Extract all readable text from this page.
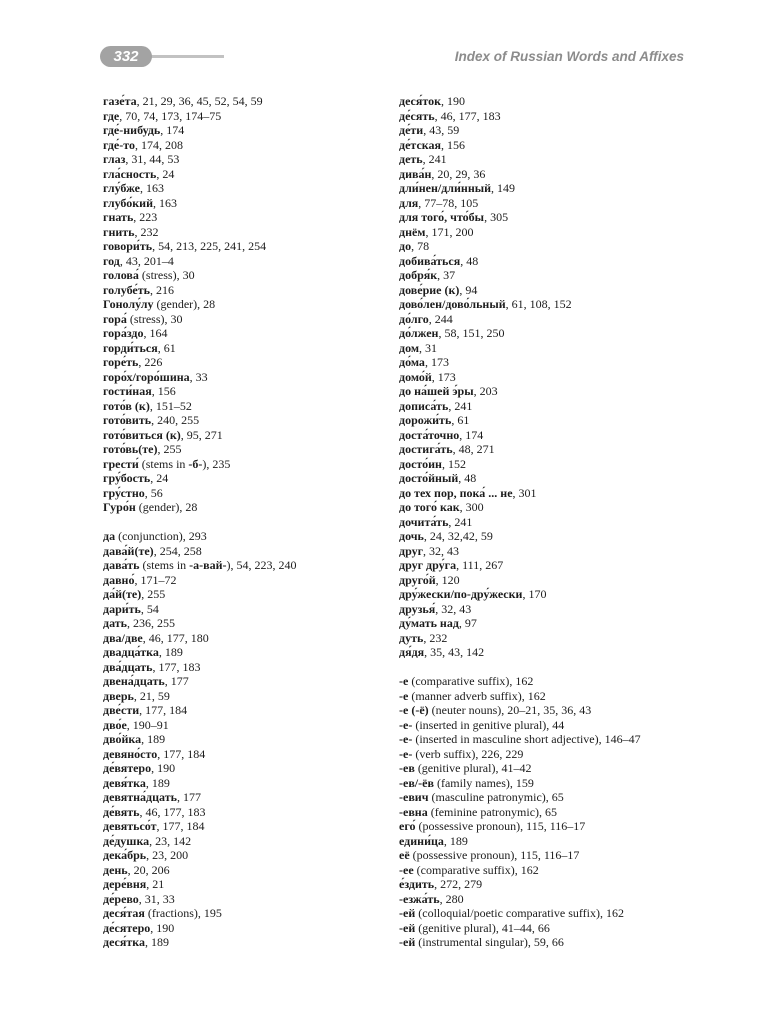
332	Index of Russian Words and Affixes
газе́та, 21, 29, 36, 45, 52, 54, 59
где, 70, 74, 173, 174–75
где́-нибудь, 174
где́-то, 174, 208
глаз, 31, 44, 53
гла́сность, 24
глу́бже, 163
глубо́кий, 163
гнать, 223
гнить, 232
говори́ть, 54, 213, 225, 241, 254
год, 43, 201–4
голова́ (stress), 30
голубе́ть, 216
Гонолу́лу (gender), 28
гора́ (stress), 30
гора́здо, 164
горди́ться, 61
горе́ть, 226
горо́х/горо́шина, 33
гости́ная, 156
гото́в (к), 151–52
гото́вить, 240, 255
гото́виться (к), 95, 271
гото́вь(те), 255
грести́ (stems in -б-), 235
гру́бость, 24
гру́стно, 56
Гуро́н (gender), 28
да (conjunction), 293
дава́й(те), 254, 258
дава́ть (stems in -а-вай-), 54, 223, 240
давно́, 171–72
да́й(те), 255
дари́ть, 54
дать, 236, 255
два/две, 46, 177, 180
двадца́тка, 189
два́дцать, 177, 183
двена́дцать, 177
дверь, 21, 59
две́сти, 177, 184
дво́е, 190–91
дво́йка, 189
девяно́сто, 177, 184
де́вятеро, 190
девя́тка, 189
девятна́дцать, 177
де́вять, 46, 177, 183
девятьсо́т, 177, 184
де́душка, 23, 142
дека́брь, 23, 200
день, 20, 206
дере́вня, 21
де́рево, 31, 33
деся́тая (fractions), 195
де́сятеро, 190
деся́тка, 189
деся́ток, 190
де́сять, 46, 177, 183
де́ти, 43, 59
де́тская, 156
деть, 241
дива́н, 20, 29, 36
дли́нен/дли́нный, 149
для, 77–78, 105
для того́, что́бы, 305
днём, 171, 200
до, 78
добива́ться, 48
добря́к, 37
дове́рие (к), 94
дово́лен/дово́льный, 61, 108, 152
до́лго, 244
до́лжен, 58, 151, 250
дом, 31
до́ма, 173
домо́й, 173
до на́шей э́ры, 203
дописа́ть, 241
дорожи́ть, 61
доста́точно, 174
достига́ть, 48, 271
досто́ин, 152
досто́йный, 48
до тех пор, пока́ ... не, 301
до того́ как, 300
дочита́ть, 241
дочь, 24, 32,42, 59
друг, 32, 43
друг дру́га, 111, 267
друго́й, 120
дру́жески/по-дру́жески, 170
друзья́, 32, 43
ду́мать над, 97
дуть, 232
дя́дя, 35, 43, 142
-е (comparative suffix), 162
-е (manner adverb suffix), 162
-е (-ё) (neuter nouns), 20–21, 35, 36, 43
-е- (inserted in genitive plural), 44
-е- (inserted in masculine short adjective), 146–47
-е- (verb suffix), 226, 229
-ев (genitive plural), 41–42
-ев/-ёв (family names), 159
-евич (masculine patronymic), 65
-евна (feminine patronymic), 65
его́ (possessive pronoun), 115, 116–17
едини́ца, 189
её (possessive pronoun), 115, 116–17
-ее (comparative suffix), 162
е́здить, 272, 279
-езжа́ть, 280
-ей (colloquial/poetic comparative suffix), 162
-ей (genitive plural), 41–44, 66
-ей (instrumental singular), 59, 66
